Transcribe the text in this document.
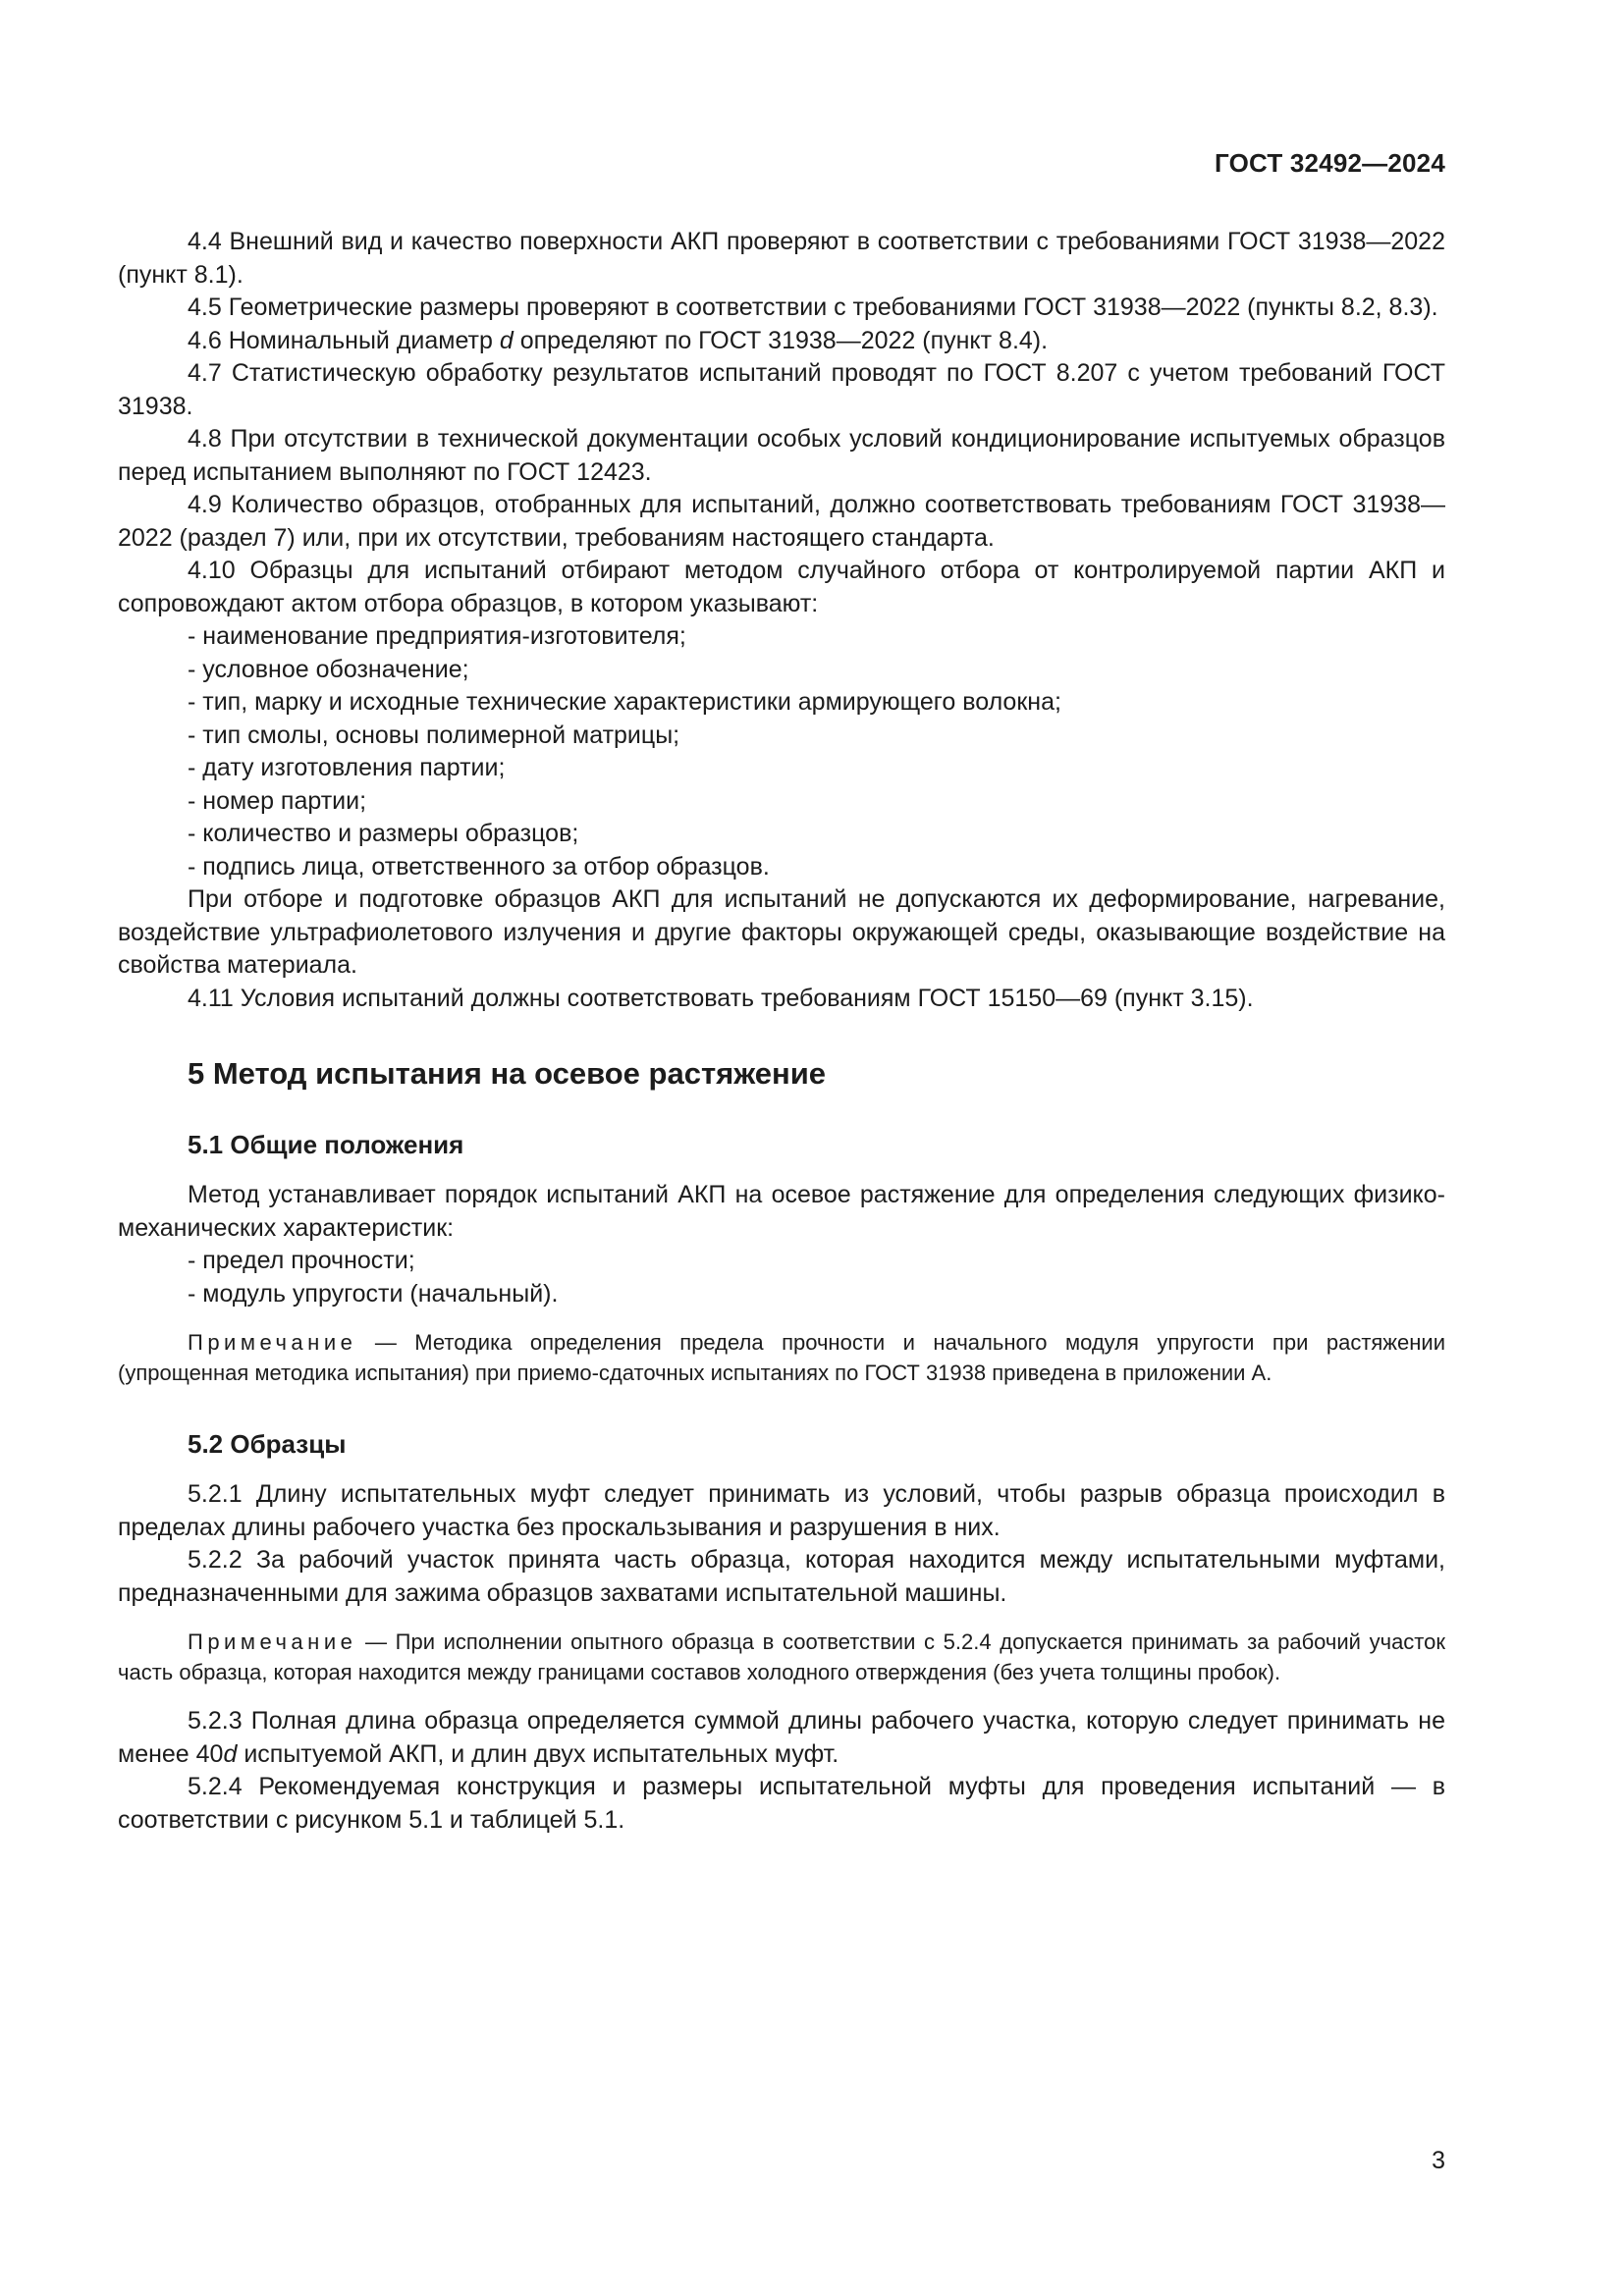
ГОСТ 32492—2024

4.4 Внешний вид и качество поверхности АКП проверяют в соответствии с требованиями ГОСТ 31938—2022 (пункт 8.1).

4.5 Геометрические размеры проверяют в соответствии с требованиями ГОСТ 31938—2022 (пункты 8.2, 8.3).

4.6 Номинальный диаметр d определяют по ГОСТ 31938—2022 (пункт 8.4).

4.7 Статистическую обработку результатов испытаний проводят по ГОСТ 8.207 с учетом требований ГОСТ 31938.

4.8 При отсутствии в технической документации особых условий кондиционирование испытуемых образцов перед испытанием выполняют по ГОСТ 12423.

4.9 Количество образцов, отобранных для испытаний, должно соответствовать требованиям ГОСТ 31938—2022 (раздел 7) или, при их отсутствии, требованиям настоящего стандарта.

4.10 Образцы для испытаний отбирают методом случайного отбора от контролируемой партии АКП и сопровождают актом отбора образцов, в котором указывают:

- наименование предприятия-изготовителя;

- условное обозначение;

- тип, марку и исходные технические характеристики армирующего волокна;

- тип смолы, основы полимерной матрицы;

- дату изготовления партии;

- номер партии;

- количество и размеры образцов;

- подпись лица, ответственного за отбор образцов.

При отборе и подготовке образцов АКП для испытаний не допускаются их деформирование, нагревание, воздействие ультрафиолетового излучения и другие факторы окружающей среды, оказывающие воздействие на свойства материала.

4.11 Условия испытаний должны соответствовать требованиям ГОСТ 15150—69 (пункт 3.15).

5 Метод испытания на осевое растяжение
5.1 Общие положения

Метод устанавливает порядок испытаний АКП на осевое растяжение для определения следующих физико-механических характеристик:

- предел прочности;

- модуль упругости (начальный).

Примечание — Методика определения предела прочности и начального модуля упругости при растяжении (упрощенная методика испытания) при приемо-сдаточных испытаниях по ГОСТ 31938 приведена в приложении А.

5.2 Образцы

5.2.1 Длину испытательных муфт следует принимать из условий, чтобы разрыв образца происходил в пределах длины рабочего участка без проскальзывания и разрушения в них.

5.2.2 За рабочий участок принята часть образца, которая находится между испытательными муфтами, предназначенными для зажима образцов захватами испытательной машины.

Примечание — При исполнении опытного образца в соответствии с 5.2.4 допускается принимать за рабочий участок часть образца, которая находится между границами составов холодного отверждения (без учета толщины пробок).

5.2.3 Полная длина образца определяется суммой длины рабочего участка, которую следует принимать не менее 40d испытуемой АКП, и длин двух испытательных муфт.

5.2.4 Рекомендуемая конструкция и размеры испытательной муфты для проведения испытаний — в соответствии с рисунком 5.1 и таблицей 5.1.

3
